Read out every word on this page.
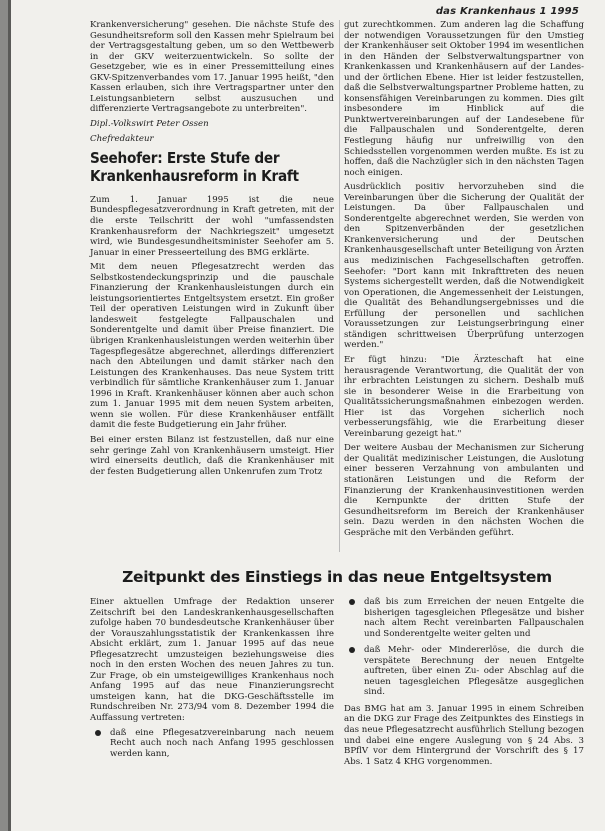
das Krankenhaus 1 1995

Krankenversicherung" gesehen. Die nächste Stufe des Gesundheitsreform soll den Kassen mehr Spielraum bei der Vertragsgestaltung geben, um so den Wettbewerb in der GKV weiterzuentwickeln. So sollte der Gesetzgeber, wie es in einer Pressemitteilung eines GKV-Spitzenverbandes vom 17. Januar 1995 heißt, "den Kassen erlauben, sich ihre Vertragspartner unter den Leistungsanbietern selbst auszusuchen und differenzierte Vertragsangebote zu unterbreiten".

Dipl.-Volkswirt Peter Ossen

Chefredakteur

Seehofer: Erste Stufe der Krankenhausreform in Kraft

Zum 1. Januar 1995 ist die neue Bundespflegesatzverordnung in Kraft getreten, mit der die erste Teilschritt der wohl "umfassendsten Krankenhausreform der Nachkriegszeit" umgesetzt wird, wie Bundesgesundheitsminister Seehofer am 5. Januar in einer Presseerteilung des BMG erklärte.

Mit dem neuen Pflegesatzrecht werden das Selbstkostendeckungsprinzip und die pauschale Finanzierung der Krankenhausleistungen durch ein leistungsorientiertes Entgeltsystem ersetzt. Ein großer Teil der operativen Leistungen wird in Zukunft über landesweit festgelegte Fallpauschalen und Sonderentgelte und damit über Preise finanziert. Die übrigen Krankenhausleistungen werden weiterhin über Tagespflegesätze abgerechnet, allerdings differenziert nach den Abteilungen und damit stärker nach den Leistungen des Krankenhauses. Das neue System tritt verbindlich für sämtliche Krankenhäuser zum 1. Januar 1996 in Kraft. Krankenhäuser können aber auch schon zum 1. Januar 1995 mit dem neuen System arbeiten, wenn sie wollen. Für diese Krankenhäuser entfällt damit die feste Budgetierung ein Jahr früher.

Bei einer ersten Bilanz ist festzustellen, daß nur eine sehr geringe Zahl von Krankenhäusern umsteigt. Hier wird einerseits deutlich, daß die Krankenhäuser mit der festen Budgetierung allen Unkenrufen zum Trotz

gut zurechtkommen. Zum anderen lag die Schaffung der notwendigen Voraussetzungen für den Umstieg der Krankenhäuser seit Oktober 1994 im wesentlichen in den Händen der Selbstverwaltungspartner von Krankenkassen und Krankenhäusern auf der Landes- und der örtlichen Ebene. Hier ist leider festzustellen, daß die Selbstverwaltungspartner Probleme hatten, zu konsensfähigen Vereinbarungen zu kommen. Dies gilt insbesondere im Hinblick auf die Punktwertvereinbarungen auf der Landesebene für die Fallpauschalen und Sonderentgelte, deren Festlegung häufig nur unfreiwillig von den Schiedsstellen vorgenommen werden mußte. Es ist zu hoffen, daß die Nachzügler sich in den nächsten Tagen noch einigen.

Ausdrücklich positiv hervorzuheben sind die Vereinbarungen über die Sicherung der Qualität der Leistungen. Da über Fallpauschalen und Sonderentgelte abgerechnet werden, Sie werden von den Spitzenverbänden der gesetzlichen Krankenversicherung und der Deutschen Krankenhausgesellschaft unter Beteiligung von Ärzten aus medizinischen Fachgesellschaften getroffen. Seehofer: "Dort kann mit Inkrafttreten des neuen Systems sichergestellt werden, daß die Notwendigkeit von Operationen, die Angemessenheit der Leistungen, die Qualität des Behandlungsergebnisses und die Erfüllung der personellen und sachlichen Voraussetzungen zur Leistungserbringung einer ständigen schrittweisen Überprüfung unterzogen werden."

Er fügt hinzu: "Die Ärzteschaft hat eine herausragende Verantwortung, die Qualität der von ihr erbrachten Leistungen zu sichern. Deshalb muß sie in besonderer Weise in die Erarbeitung von Qualitätssicherungsmaßnahmen einbezogen werden. Hier ist das Vorgehen sicherlich noch verbesserungsfähig, wie die Erarbeitung dieser Vereinbarung gezeigt hat."

Der weitere Ausbau der Mechanismen zur Sicherung der Qualität medizinischer Leistungen, die Auslotung einer besseren Verzahnung von ambulanten und stationären Leistungen und die Reform der Finanzierung der Krankenhausinvestitionen werden die Kernpunkte der dritten Stufe der Gesundheitsreform im Bereich der Krankenhäuser sein. Dazu werden in den nächsten Wochen die Gespräche mit den Verbänden geführt.

Zeitpunkt des Einstiegs in das neue Entgeltsystem

Einer aktuellen Umfrage der Redaktion unserer Zeitschrift bei den Landeskrankenhausgesellschaften zufolge haben 70 bundesdeutsche Krankenhäuser über der Vorauszahlungsstatistik der Krankenkassen ihre Absicht erklärt, zum 1. Januar 1995 auf das neue Pflegesatzrecht umzusteigen beziehungsweise dies noch in den ersten Wochen des neuen Jahres zu tun. Zur Frage, ob ein umsteigewilliges Krankenhaus noch Anfang 1995 auf das neue Finanzierungsrecht umsteigen kann, hat die DKG-Geschäftsstelle im Rundschreiben Nr. 273/94 vom 8. Dezember 1994 die Auffassung vertreten:

daß eine Pflegesatzvereinbarung nach neuem Recht auch noch nach Anfang 1995 geschlossen werden kann,
daß bis zum Erreichen der neuen Entgelte die bisherigen tagesgleichen Pflegesätze und bisher nach altem Recht vereinbarten Fallpauschalen und Sonderentgelte weiter gelten und
daß Mehr- oder Mindererlöse, die durch die verspätete Berechnung der neuen Entgelte auftreten, über einen Zu- oder Abschlag auf die neuen tagesgleichen Pflegesätze ausgeglichen sind.

Das BMG hat am 3. Januar 1995 in einem Schreiben an die DKG zur Frage des Zeitpunktes des Einstiegs in das neue Pflegesatzrecht ausführlich Stellung bezogen und dabei eine engere Auslegung von § 24 Abs. 3 BPflV vor dem Hintergrund der Vorschrift des § 17 Abs. 1 Satz 4 KHG vorgenommen.
